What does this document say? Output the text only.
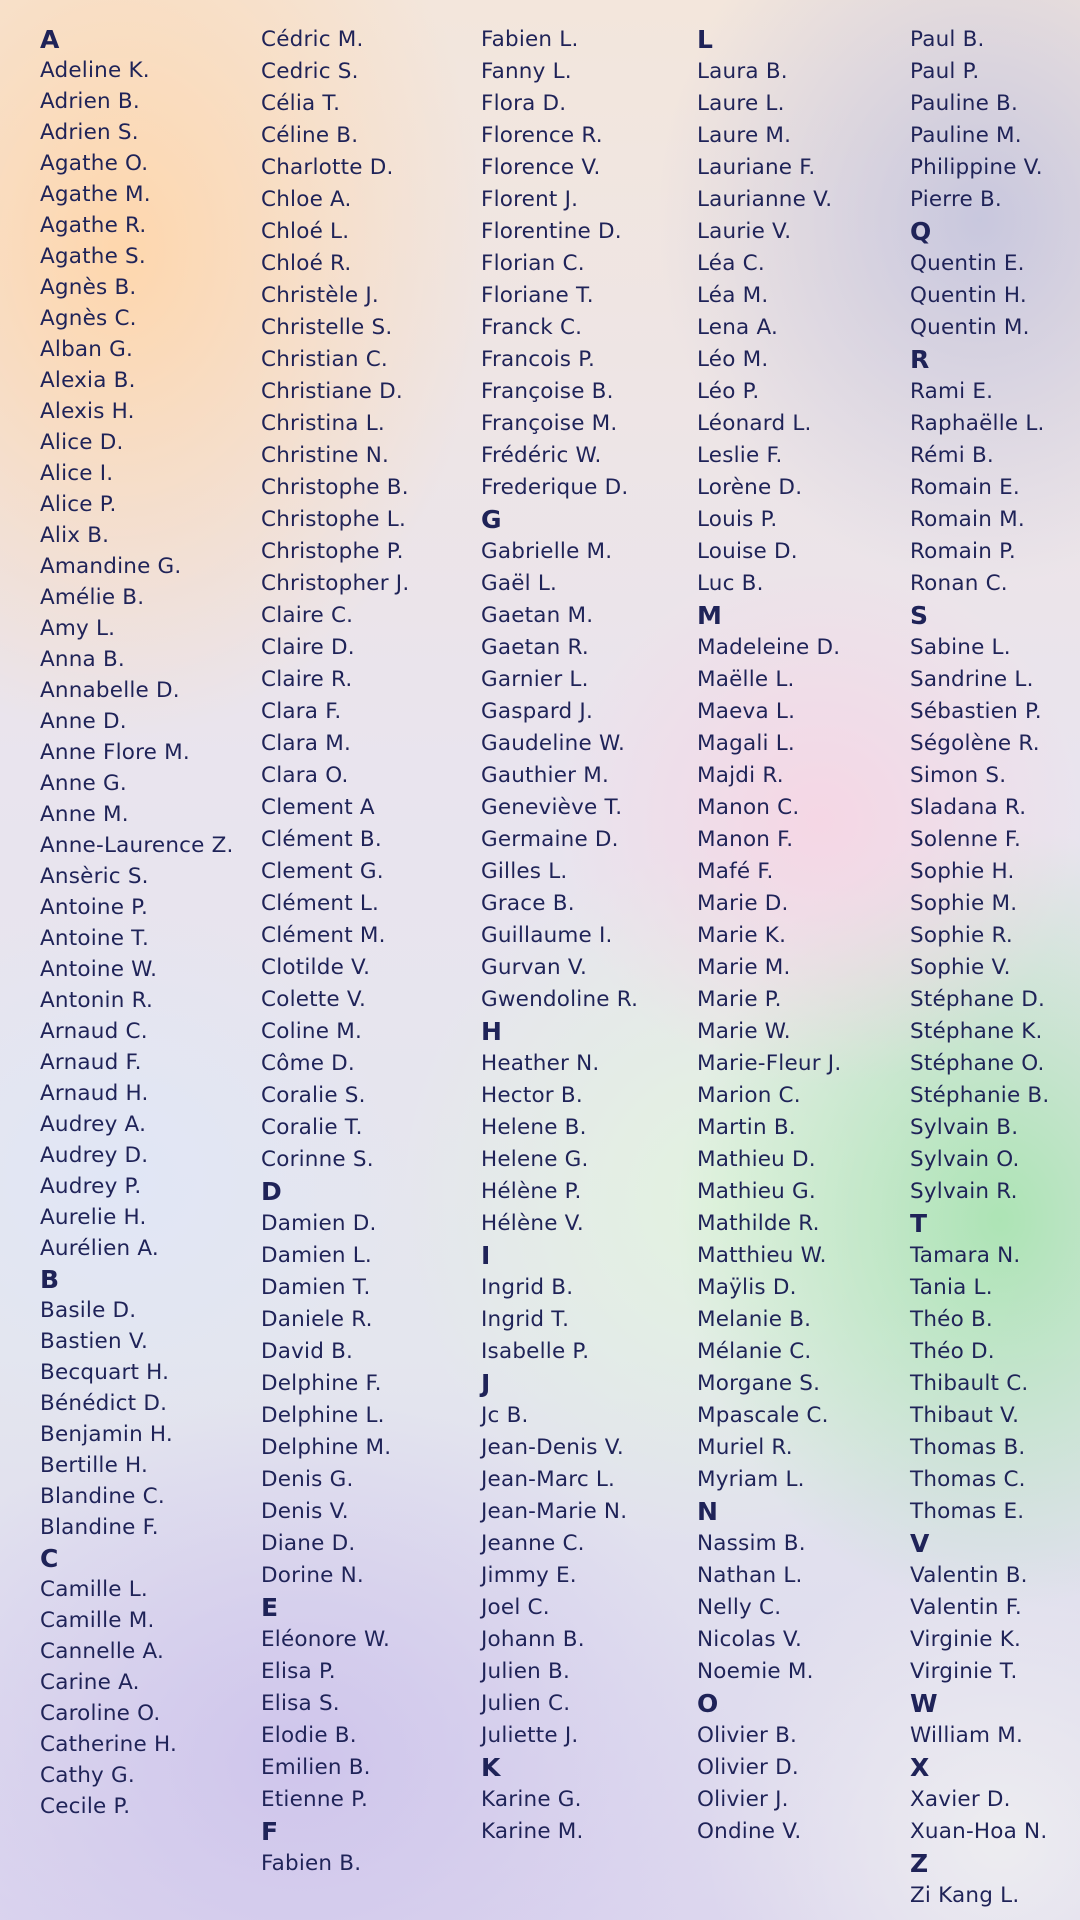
A
Adeline K.
Adrien B.
Adrien S.
Agathe O.
Agathe M.
Agathe R.
Agathe S.
Agnès B.
Agnès C.
Alban G.
Alexia B.
Alexis H.
Alice D.
Alice I.
Alice P.
Alix B.
Amandine G.
Amélie B.
Amy L.
Anna B.
Annabelle D.
Anne D.
Anne Flore M.
Anne G.
Anne M.
Anne-Laurence Z.
Ansèric S.
Antoine P.
Antoine T.
Antoine W.
Antonin R.
Arnaud C.
Arnaud F.
Arnaud H.
Audrey A.
Audrey D.
Audrey P.
Aurelie H.
Aurélien A.
B
Basile D.
Bastien V.
Becquart H.
Bénédict D.
Benjamin H.
Bertille H.
Blandine C.
Blandine F.
C
Camille L.
Camille M.
Cannelle A.
Carine A.
Caroline O.
Catherine H.
Cathy G.
Cecile P.
Cédric M.
Cedric S.
Célia T.
Céline B.
Charlotte D.
Chloe A.
Chloé L.
Chloé R.
Christèle J.
Christelle S.
Christian C.
Christiane D.
Christina L.
Christine N.
Christophe B.
Christophe L.
Christophe P.
Christopher J.
Claire C.
Claire D.
Claire R.
Clara F.
Clara M.
Clara O.
Clement A
Clément B.
Clement G.
Clément L.
Clément M.
Clotilde V.
Colette V.
Coline M.
Côme D.
Coralie S.
Coralie T.
Corinne S.
D
Damien D.
Damien L.
Damien T.
Daniele R.
David B.
Delphine F.
Delphine L.
Delphine M.
Denis G.
Denis V.
Diane D.
Dorine N.
E
Eléonore W.
Elisa P.
Elisa S.
Elodie B.
Emilien B.
Etienne P.
F
Fabien B.
Fabien L.
Fanny L.
Flora D.
Florence R.
Florence V.
Florent J.
Florentine D.
Florian C.
Floriane T.
Franck C.
Francois P.
Françoise B.
Françoise M.
Frédéric W.
Frederique D.
G
Gabrielle M.
Gaël L.
Gaetan M.
Gaetan R.
Garnier L.
Gaspard J.
Gaudeline W.
Gauthier M.
Geneviève T.
Germaine D.
Gilles L.
Grace B.
Guillaume I.
Gurvan V.
Gwendoline R.
H
Heather N.
Hector B.
Helene B.
Helene G.
Hélène P.
Hélène V.
I
Ingrid B.
Ingrid T.
Isabelle P.
J
Jc B.
Jean-Denis V.
Jean-Marc L.
Jean-Marie N.
Jeanne C.
Jimmy E.
Joel C.
Johann B.
Julien B.
Julien C.
Juliette J.
K
Karine G.
Karine M.
L
Laura B.
Laure L.
Laure M.
Lauriane F.
Laurianne V.
Laurie V.
Léa C.
Léa M.
Lena A.
Léo M.
Léo P.
Léonard L.
Leslie F.
Lorène D.
Louis P.
Louise D.
Luc B.
M
Madeleine D.
Maëlle L.
Maeva L.
Magali L.
Majdi R.
Manon C.
Manon F.
Mafé F.
Marie D.
Marie K.
Marie M.
Marie P.
Marie W.
Marie-Fleur J.
Marion C.
Martin B.
Mathieu D.
Mathieu G.
Mathilde R.
Matthieu W.
Maÿlis D.
Melanie B.
Mélanie C.
Morgane S.
Mpascale C.
Muriel R.
Myriam L.
N
Nassim B.
Nathan L.
Nelly C.
Nicolas V.
Noemie M.
O
Olivier B.
Olivier D.
Olivier J.
Ondine V.
Paul B.
Paul P.
Pauline B.
Pauline M.
Philippine V.
Pierre B.
Q
Quentin E.
Quentin H.
Quentin M.
R
Rami E.
Raphaëlle L.
Rémi B.
Romain E.
Romain M.
Romain P.
Ronan C.
S
Sabine L.
Sandrine L.
Sébastien P.
Ségolène R.
Simon S.
Sladana R.
Solenne F.
Sophie H.
Sophie M.
Sophie R.
Sophie V.
Stéphane D.
Stéphane K.
Stéphane O.
Stéphanie B.
Sylvain B.
Sylvain O.
Sylvain R.
T
Tamara N.
Tania L.
Théo B.
Théo D.
Thibault C.
Thibaut V.
Thomas B.
Thomas C.
Thomas E.
V
Valentin B.
Valentin F.
Virginie K.
Virginie T.
W
William M.
X
Xavier D.
Xuan-Hoa N.
Z
Zi Kang L.
